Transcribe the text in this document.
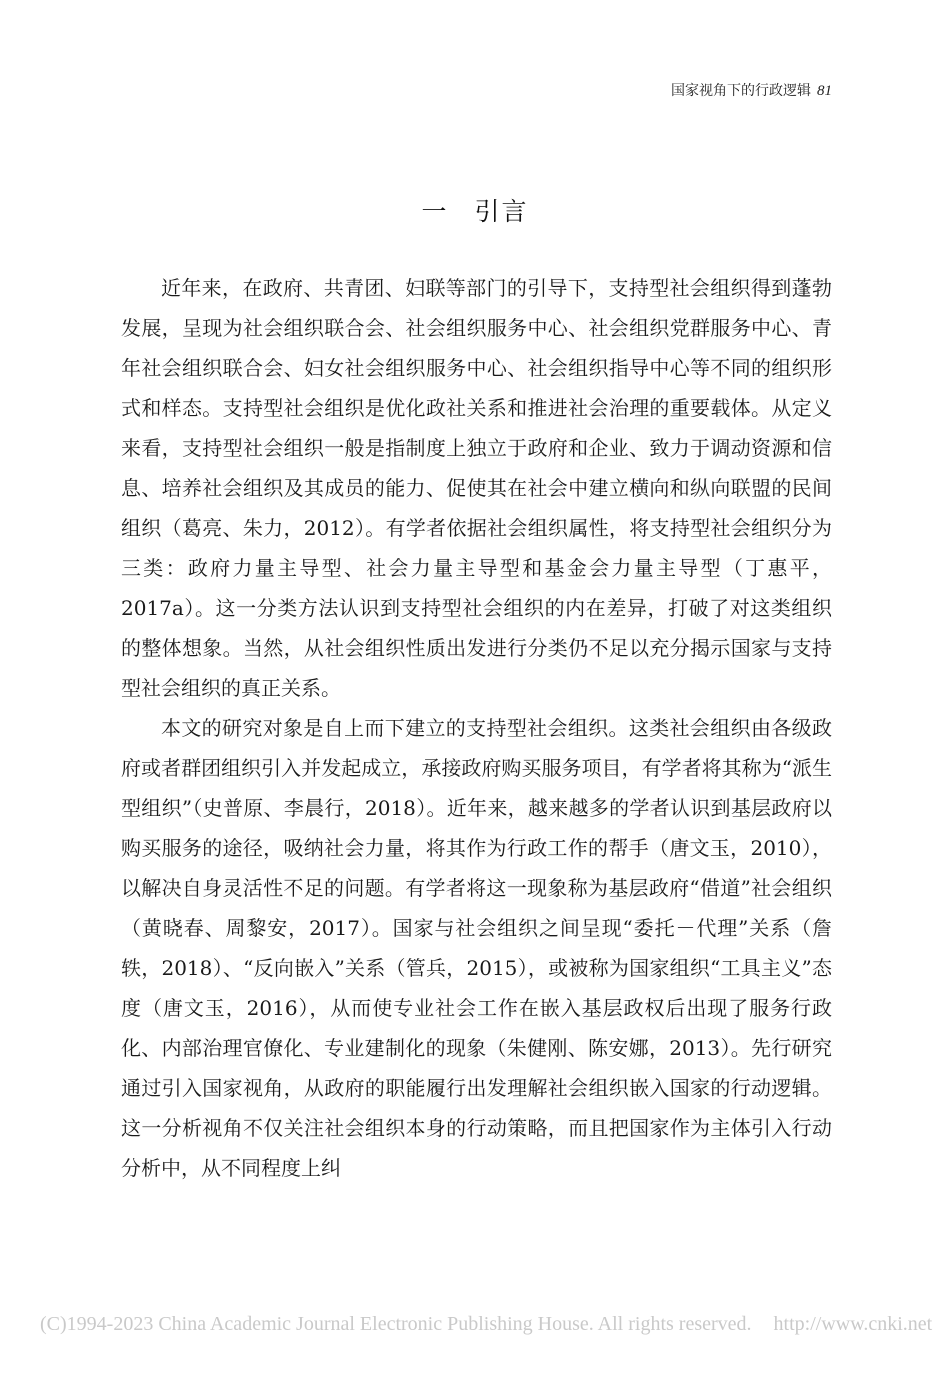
国家视角下的行政逻辑 81
一 引言

近年来，在政府、共青团、妇联等部门的引导下，支持型社会组织得到蓬勃发展，呈现为社会组织联合会、社会组织服务中心、社会组织党群服务中心、青年社会组织联合会、妇女社会组织服务中心、社会组织指导中心等不同的组织形式和样态。支持型社会组织是优化政社关系和推进社会治理的重要载体。从定义来看，支持型社会组织一般是指制度上独立于政府和企业、致力于调动资源和信息、培养社会组织及其成员的能力、促使其在社会中建立横向和纵向联盟的民间组织（葛亮、朱力，2012）。有学者依据社会组织属性，将支持型社会组织分为三类：政府力量主导型、社会力量主导型和基金会力量主导型（丁惠平，2017a）。这一分类方法认识到支持型社会组织的内在差异，打破了对这类组织的整体想象。当然，从社会组织性质出发进行分类仍不足以充分揭示国家与支持型社会组织的真正关系。

本文的研究对象是自上而下建立的支持型社会组织。这类社会组织由各级政府或者群团组织引入并发起成立，承接政府购买服务项目，有学者将其称为“派生型组织”（史普原、李晨行，2018）。近年来，越来越多的学者认识到基层政府以购买服务的途径，吸纳社会力量，将其作为行政工作的帮手（唐文玉，2010），以解决自身灵活性不足的问题。有学者将这一现象称为基层政府“借道”社会组织（黄晓春、周黎安，2017）。国家与社会组织之间呈现“委托－代理”关系（詹轶，2018）、“反向嵌入”关系（管兵，2015），或被称为国家组织“工具主义”态度（唐文玉，2016），从而使专业社会工作在嵌入基层政权后出现了服务行政化、内部治理官僚化、专业建制化的现象（朱健刚、陈安娜，2013）。先行研究通过引入国家视角，从政府的职能履行出发理解社会组织嵌入国家的行动逻辑。这一分析视角不仅关注社会组织本身的行动策略，而且把国家作为主体引入行动分析中，从不同程度上纠

(C)1994-2023 China Academic Journal Electronic Publishing House. All rights reserved. http://www.cnki.net
